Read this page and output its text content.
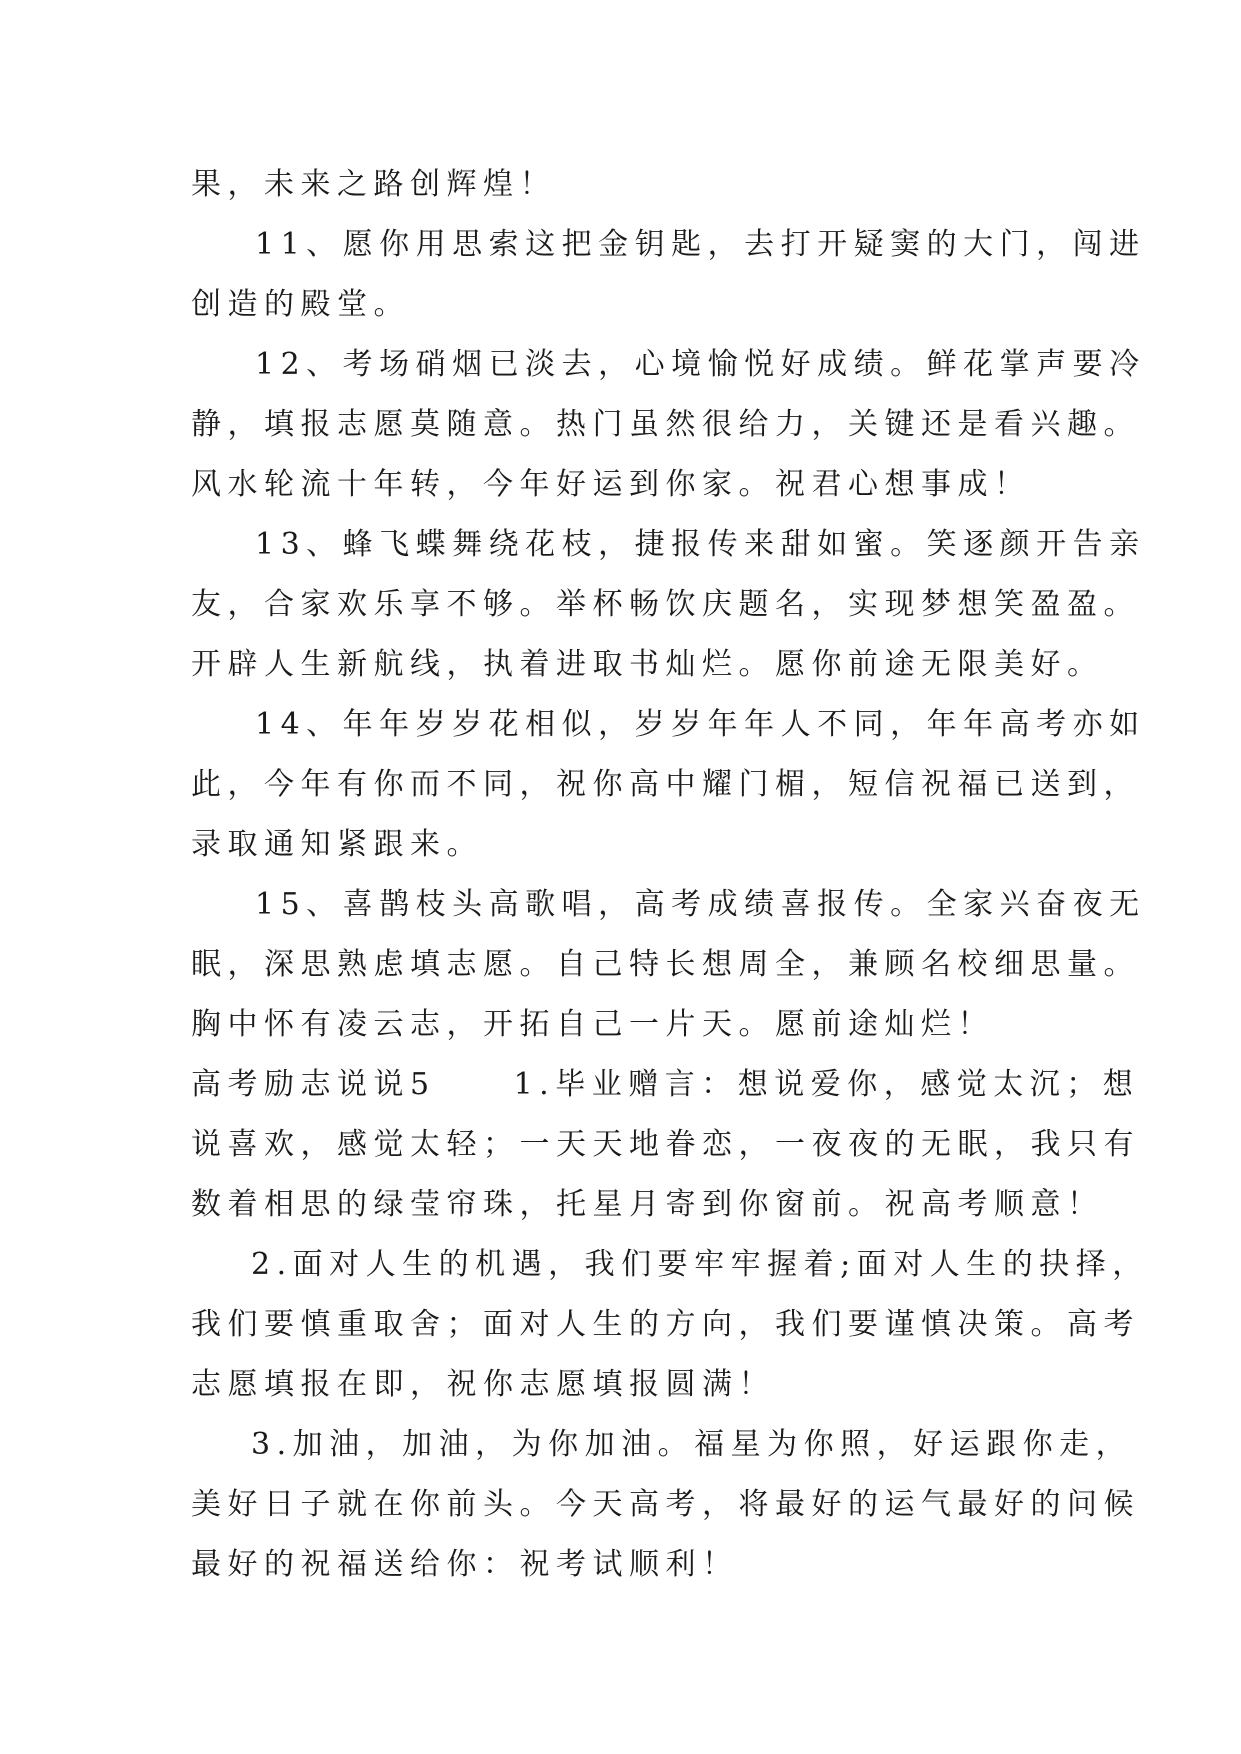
果，未来之路创辉煌！
11、愿你用思索这把金钥匙，去打开疑窦的大门，闯进
创造的殿堂。
12、考场硝烟已淡去，心境愉悦好成绩。鲜花掌声要冷
静，填报志愿莫随意。热门虽然很给力，关键还是看兴趣。
风水轮流十年转，今年好运到你家。祝君心想事成！
13、蜂飞蝶舞绕花枝，捷报传来甜如蜜。笑逐颜开告亲
友，合家欢乐享不够。举杯畅饮庆题名，实现梦想笑盈盈。
开辟人生新航线，执着进取书灿烂。愿你前途无限美好。
14、年年岁岁花相似，岁岁年年人不同，年年高考亦如
此，今年有你而不同，祝你高中耀门楣，短信祝福已送到，
录取通知紧跟来。
15、喜鹊枝头高歌唱，高考成绩喜报传。全家兴奋夜无
眠，深思熟虑填志愿。自己特长想周全，兼顾名校细思量。
胸中怀有凌云志，开拓自己一片天。愿前途灿烂！
高考励志说说5	1.毕业赠言：想说爱你，感觉太沉；想
说喜欢，感觉太轻；一天天地眷恋，一夜夜的无眠，我只有
数着相思的绿莹帘珠，托星月寄到你窗前。祝高考顺意！
2.面对人生的机遇，我们要牢牢握着;面对人生的抉择，
我们要慎重取舍；面对人生的方向，我们要谨慎决策。高考
志愿填报在即，祝你志愿填报圆满！
3.加油，加油，为你加油。福星为你照，好运跟你走，
美好日子就在你前头。今天高考，将最好的运气最好的问候
最好的祝福送给你：祝考试顺利！
